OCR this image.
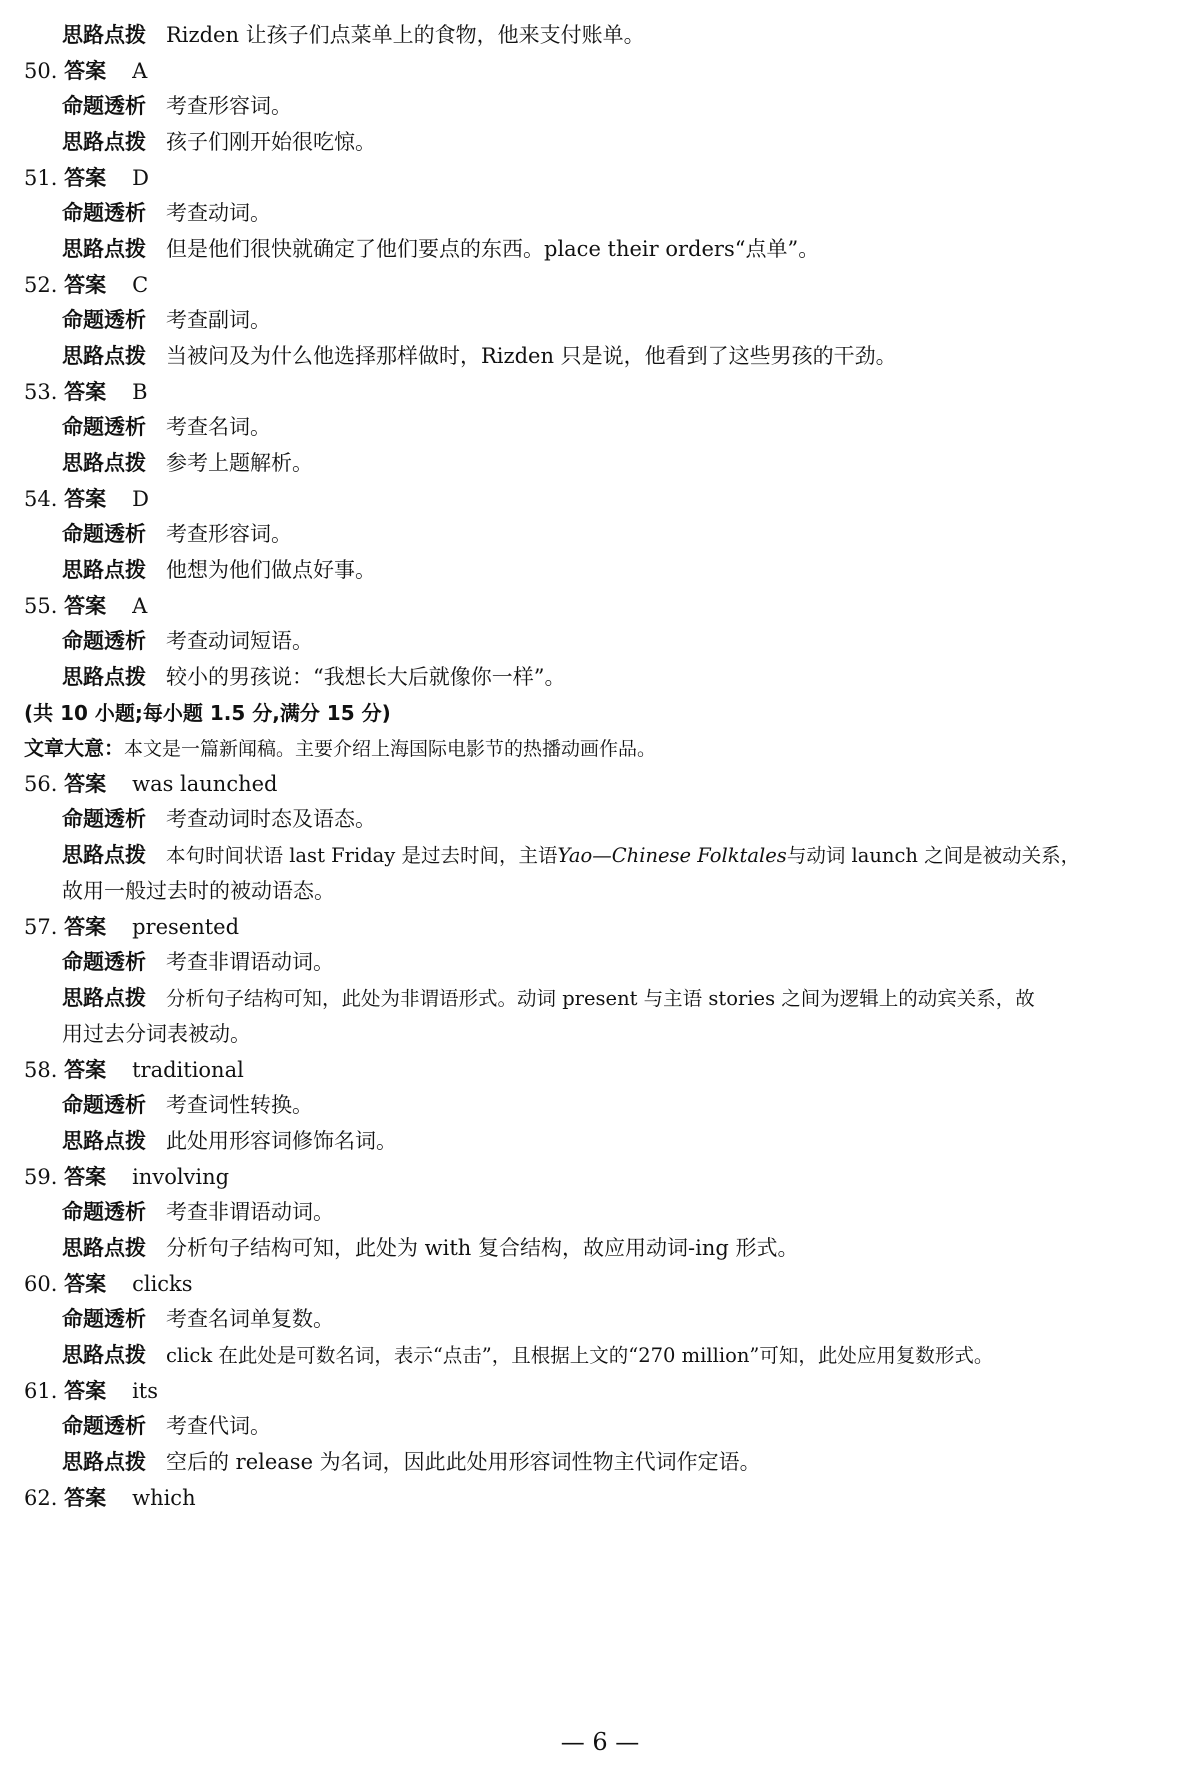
思路点拨 Rizden 让孩子们点菜单上的食物，他来支付账单。
50. 答案 A
命题透析 考查形容词。
思路点拨 孩子们刚开始很吃惊。
51. 答案 D
命题透析 考查动词。
思路点拨 但是他们很快就确定了他们要点的东西。place their orders“点单”。
52. 答案 C
命题透析 考查副词。
思路点拨 当被问及为什么他选择那样做时，Rizden 只是说，他看到了这些男孩的干劲。
53. 答案 B
命题透析 考查名词。
思路点拨 参考上题解析。
54. 答案 D
命题透析 考查形容词。
思路点拨 他想为他们做点好事。
55. 答案 A
命题透析 考查动词短语。
思路点拨 较小的男孩说：“我想长大后就像你一样”。
(共 10 小题;每小题 1.5 分,满分 15 分)
文章大意：本文是一篇新闻稿。主要介绍上海国际电影节的热播动画作品。
56. 答案 was launched
命题透析 考查动词时态及语态。
思路点拨 本句时间状语 last Friday 是过去时间，主语Yao—Chinese Folktales与动词 launch 之间是被动关系，
故用一般过去时的被动语态。
57. 答案 presented
命题透析 考查非谓语动词。
思路点拨 分析句子结构可知，此处为非谓语形式。动词 present 与主语 stories 之间为逻辑上的动宾关系，故
用过去分词表被动。
58. 答案 traditional
命题透析 考查词性转换。
思路点拨 此处用形容词修饰名词。
59. 答案 involving
命题透析 考查非谓语动词。
思路点拨 分析句子结构可知，此处为 with 复合结构，故应用动词-ing 形式。
60. 答案 clicks
命题透析 考查名词单复数。
思路点拨 click 在此处是可数名词，表示“点击”，且根据上文的“270 million”可知，此处应用复数形式。
61. 答案 its
命题透析 考查代词。
思路点拨 空后的 release 为名词，因此此处用形容词性物主代词作定语。
62. 答案 which
— 6 —
